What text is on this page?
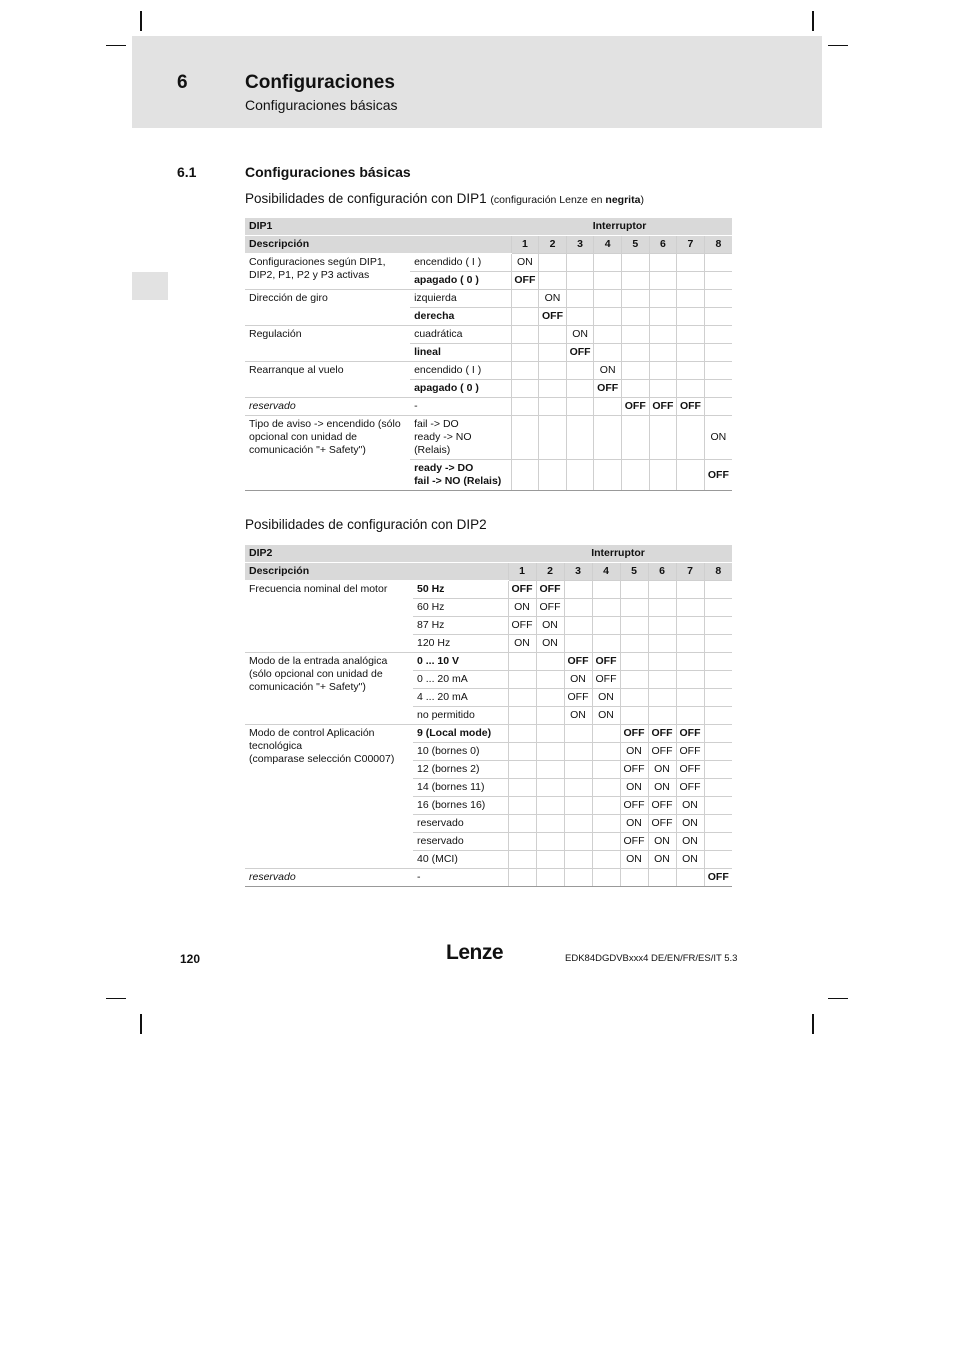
6	Configuraciones
Configuraciones básicas
6.1	Configuraciones básicas
Posibilidades de configuración con DIP1 (configuración Lenze en negrita)
DIP1		Interruptor							
Descripción		1	2	3	4	5	6	7	8
Configuraciones según DIP1, DIP2, P1, P2 y P3 activas	encendido ( I )	ON							
	apagado ( 0 )	OFF							
Dirección de giro	izquierda		ON						
	derecha		OFF						
Regulación	cuadrática			ON					
	lineal			OFF					
Rearranque al vuelo	encendido ( I )				ON				
	apagado ( 0 )				OFF				
reservado	-					OFF	OFF	OFF	
Tipo de aviso -> encendido (sólo opcional con unidad de comunicación "+ Safety")	fail -> DO
ready -> NO
(Relais)								ON
	ready -> DO
fail -> NO (Relais)								OFF
Posibilidades de configuración con DIP2
DIP2		Interruptor							
Descripción		1	2	3	4	5	6	7	8
Frecuencia nominal del motor	50 Hz	OFF	OFF						
	60 Hz	ON	OFF						
	87 Hz	OFF	ON						
	120 Hz	ON	ON						
Modo de la entrada analógica (sólo opcional con unidad de comunicación "+ Safety")	0 ... 10 V			OFF	OFF				
	0 ... 20 mA			ON	OFF				
	4 ... 20 mA			OFF	ON				
	no permitido			ON	ON				
Modo de control Aplicación tecnológica
(comparase selección C00007)	9 (Local mode)					OFF	OFF	OFF	
	10 (bornes 0)					ON	OFF	OFF	
	12 (bornes 2)					OFF	ON	OFF	
	14 (bornes 11)					ON	ON	OFF	
	16 (bornes 16)					OFF	OFF	ON	
	reservado					ON	OFF	ON	
	reservado					OFF	ON	ON	
	40 (MCI)					ON	ON	ON	
reservado	-								OFF
120	Lenze	EDK84DGDVBxxx4 DE/EN/FR/ES/IT 5.3
